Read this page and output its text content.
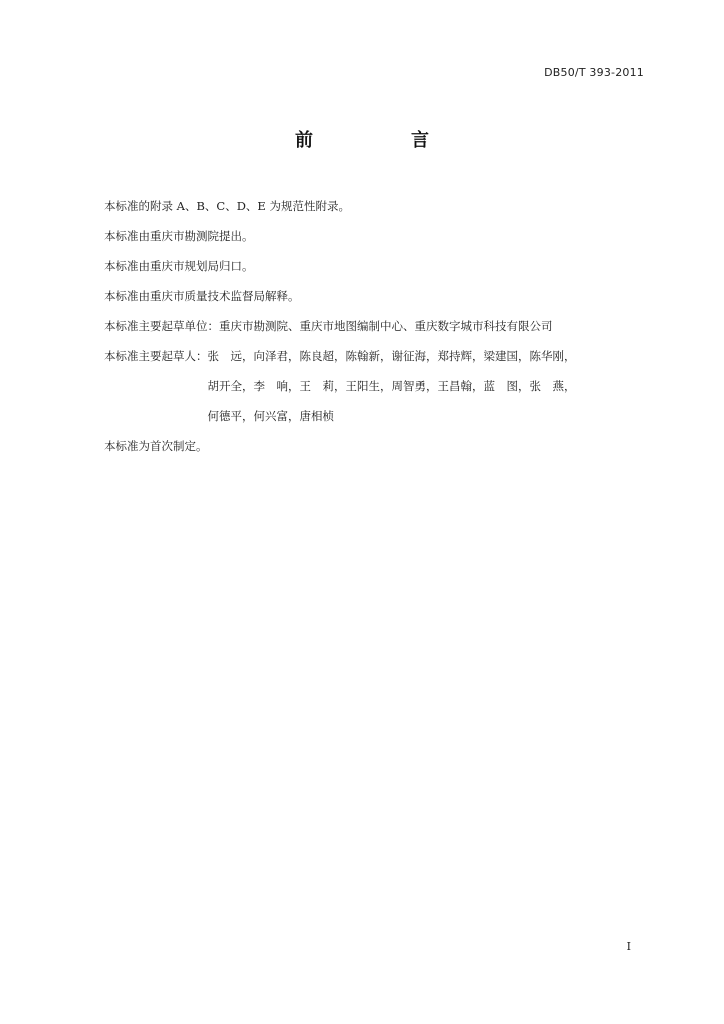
DB50/T 393-2011
前　言

本标准的附录 A、B、C、D、E 为规范性附录。

本标准由重庆市勘测院提出。

本标准由重庆市规划局归口。

本标准由重庆市质量技术监督局解释。

本标准主要起草单位：重庆市勘测院、重庆市地图编制中心、重庆数字城市科技有限公司

本标准主要起草人： 张　远，向泽君，陈良超，陈翰新，谢征海，郑持辉，梁建国，陈华刚，
胡开全，李　响，王　莉，王阳生，周智勇，王昌翰，蓝　图，张　燕，
何德平，何兴富，唐相桢

本标准为首次制定。

I
